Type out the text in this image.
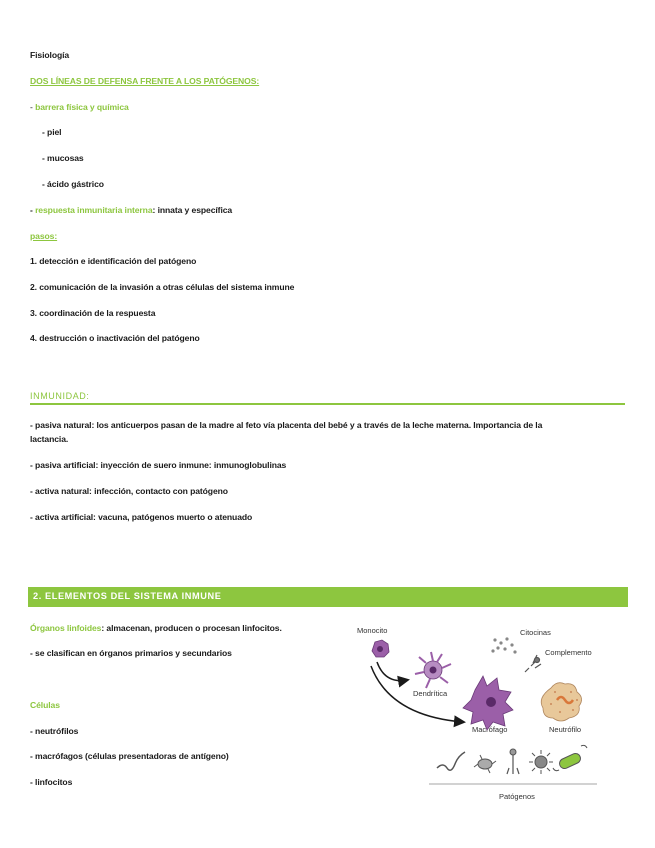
Fisiología
DOS LÍNEAS DE DEFENSA FRENTE A LOS PATÓGENOS:
- barrera física y química
- piel
- mucosas
- ácido gástrico
- respuesta inmunitaria interna: innata y específica
pasos:
1. detección e identificación del patógeno
2. comunicación de la invasión a otras células del sistema inmune
3. coordinación de la respuesta
4. destrucción o inactivación del patógeno
INMUNIDAD:
- pasiva natural: los anticuerpos pasan de la madre al feto vía placenta del bebé y a través de la leche materna. Importancia de la
lactancia.
- pasiva artificial: inyección de suero inmune: inmunoglobulinas
- activa natural: infección, contacto con patógeno
- activa artificial: vacuna, patógenos muerto o atenuado
2. ELEMENTOS DEL SISTEMA INMUNE
Órganos linfoides: almacenan, producen o procesan linfocitos.
- se clasifican en órganos primarios y secundarios
Células
- neutrófilos
- macrófagos (células presentadoras de antígeno)
- linfocitos
Monocito	Citocinas
Complemento
Dendrítica
Macrófago	Neutrófilo
Patógenos
